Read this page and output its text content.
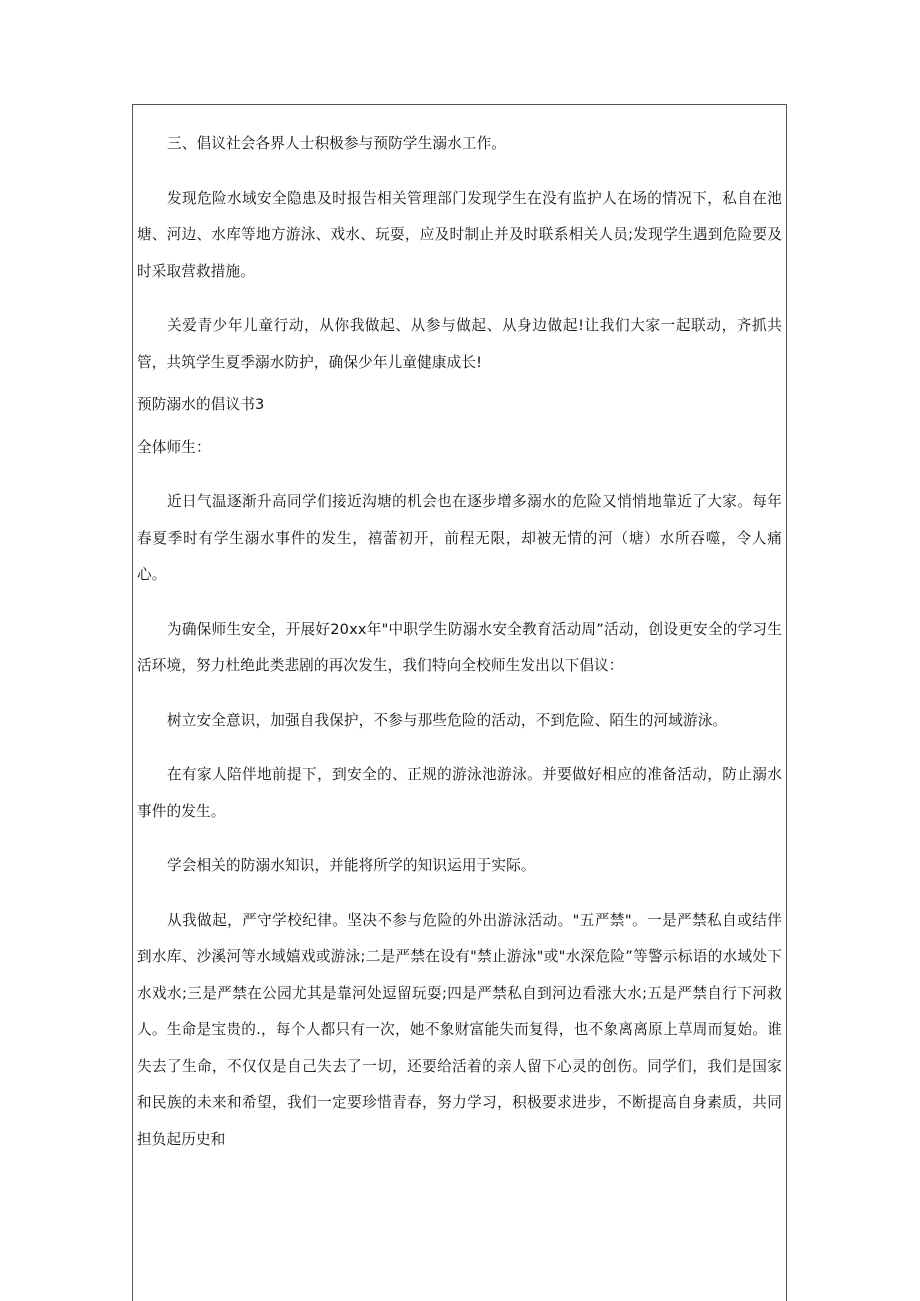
三、倡议社会各界人士积极参与预防学生溺水工作。

发现危险水域安全隐患及时报告相关管理部门发现学生在没有监护人在场的情况下，私自在池塘、河边、水库等地方游泳、戏水、玩耍，应及时制止并及时联系相关人员;发现学生遇到危险要及时采取营救措施。

关爱青少年儿童行动，从你我做起、从参与做起、从身边做起!让我们大家一起联动，齐抓共管，共筑学生夏季溺水防护，确保少年儿童健康成长!

预防溺水的倡议书3

全体师生：

近日气温逐渐升高同学们接近沟塘的机会也在逐步增多溺水的危险又悄悄地靠近了大家。每年春夏季时有学生溺水事件的发生，禧蕾初开，前程无限，却被无情的河（塘）水所吞噬，令人痛心。

为确保师生安全，开展好20xx年"中职学生防溺水安全教育活动周”活动，创设更安全的学习生活环境，努力杜绝此类悲剧的再次发生，我们特向全校师生发出以下倡议：

树立安全意识，加强自我保护，不参与那些危险的活动，不到危险、陌生的河域游泳。

在有家人陪伴地前提下，到安全的、正规的游泳池游泳。并要做好相应的准备活动，防止溺水事件的发生。

学会相关的防溺水知识，并能将所学的知识运用于实际。

从我做起，严守学校纪律。坚决不参与危险的外出游泳活动。"五严禁"。一是严禁私自或结伴到水库、沙溪河等水域嬉戏或游泳;二是严禁在设有"禁止游泳"或"水深危险”等警示标语的水域处下水戏水;三是严禁在公园尤其是靠河处逗留玩耍;四是严禁私自到河边看涨大水;五是严禁自行下河救人。生命是宝贵的.，每个人都只有一次，她不象财富能失而复得，也不象离离原上草周而复始。谁失去了生命，不仅仅是自己失去了一切，还要给活着的亲人留下心灵的创伤。同学们，我们是国家和民族的未来和希望，我们一定要珍惜青春，努力学习，积极要求进步，不断提高自身素质，共同担负起历史和
